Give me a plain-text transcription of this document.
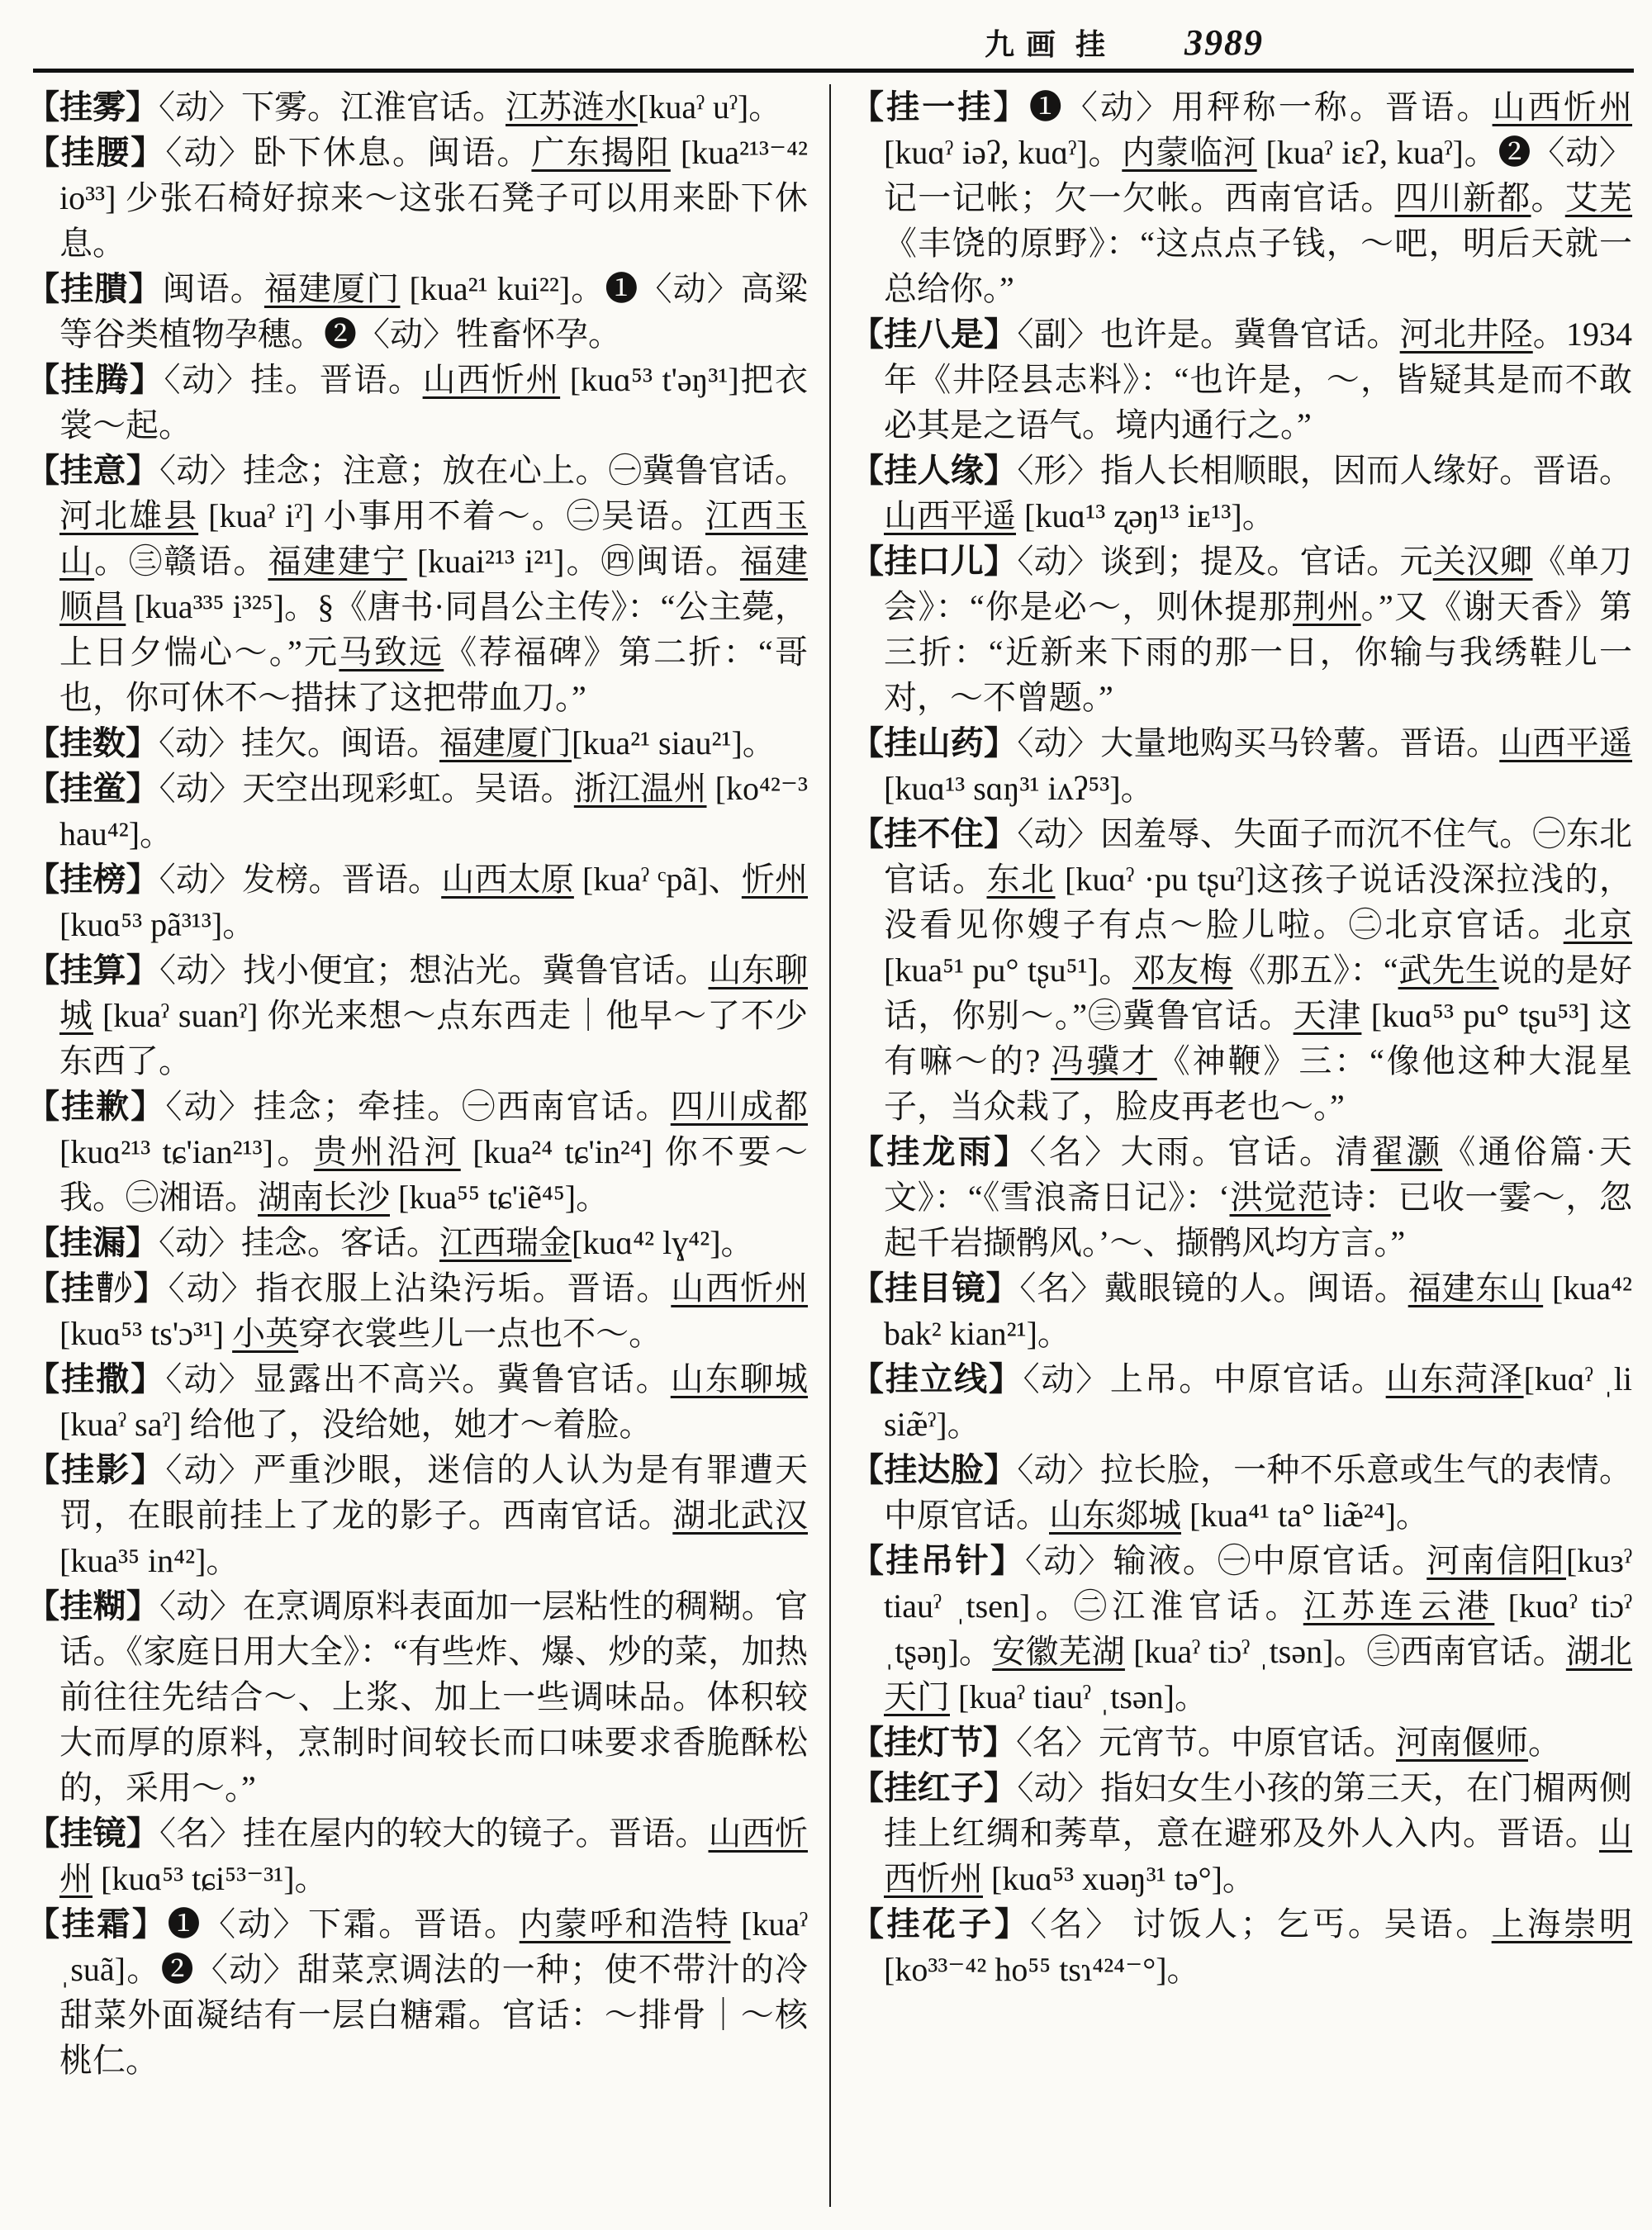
九画 挂 3989
【挂雾】〈动〉下雾。江淮官话。江苏涟水[kuaˀ uˀ]。
【挂腰】〈动〉卧下休息。闽语。广东揭阳 [kua²¹³⁻⁴² io³³] 少张石椅好掠来～这张石凳子可以用来卧下休息。
【挂膭】闽语。福建厦门 [kua²¹ kui²²]。❶〈动〉高粱等谷类植物孕穗。❷〈动〉牲畜怀孕。
【挂腾】〈动〉挂。晋语。山西忻州 [kuɑ⁵³ t'əŋ³¹]把衣裳～起。
【挂意】〈动〉挂念；注意；放在心上。㊀冀鲁官话。河北雄县 [kuaˀ iˀ] 小事用不着～。㊁吴语。江西玉山。㊂赣语。福建建宁 [kuai²¹³ i²¹]。㊃闽语。福建顺昌 [kua³³⁵ i³²⁵]。§《唐书·同昌公主传》：“公主薨，上日夕惴心～。”元马致远《荐福碑》第二折：“哥也，你可休不～措抹了这把带血刀。”
【挂数】〈动〉挂欠。闽语。福建厦门[kua²¹ siau²¹]。
【挂鲎】〈动〉天空出现彩虹。吴语。浙江温州 [ko⁴²⁻³ hau⁴²]。
【挂榜】〈动〉发榜。晋语。山西太原 [kuaˀ ᶜpã]、忻州 [kuɑ⁵³ pã³¹³]。
【挂算】〈动〉找小便宜；想沾光。冀鲁官话。山东聊城 [kuaˀ suanˀ] 你光来想～点东西走｜他早～了不少东西了。
【挂歉】〈动〉挂念；牵挂。㊀西南官话。四川成都[kuɑ²¹³ tɕ'ian²¹³]。贵州沿河 [kua²⁴ tɕ'in²⁴] 你不要～我。㊁湘语。湖南长沙 [kua⁵⁵ tɕ'iẽ⁴⁵]。
【挂漏】〈动〉挂念。客话。江西瑞金[kuɑ⁴² lɣ⁴²]。
【挂曹少】〈动〉指衣服上沾染污垢。晋语。山西忻州[kuɑ⁵³ ts'ɔ³¹] 小英穿衣裳些儿一点也不～。
【挂撒】〈动〉显露出不高兴。冀鲁官话。山东聊城[kuaˀ saˀ] 给他了，没给她，她才～着脸。
【挂影】〈动〉严重沙眼，迷信的人认为是有罪遭天罚，在眼前挂上了龙的影子。西南官话。湖北武汉[kua³⁵ in⁴²]。
【挂糊】〈动〉在烹调原料表面加一层粘性的稠糊。官话。《家庭日用大全》：“有些炸、爆、炒的菜，加热前往往先结合～、上浆、加上一些调味品。体积较大而厚的原料，烹制时间较长而口味要求香脆酥松的，采用～。”
【挂镜】〈名〉挂在屋内的较大的镜子。晋语。山西忻州 [kuɑ⁵³ tɕi⁵³⁻³¹]。
【挂霜】❶〈动〉下霜。晋语。内蒙呼和浩特 [kuaˀ ˌsuã]。❷〈动〉甜菜烹调法的一种；使不带汁的冷甜菜外面凝结有一层白糖霜。官话：～排骨｜～核桃仁。
【挂一挂】❶〈动〉用秤称一称。晋语。山西忻州 [kuɑˀ iəʔ, kuɑˀ]。内蒙临河 [kuaˀ iɛʔ, kuaˀ]。❷〈动〉记一记帐；欠一欠帐。西南官话。四川新都。艾芜《丰饶的原野》：“这点点子钱，～吧，明后天就一总给你。”
【挂八是】〈副〉也许是。冀鲁官话。河北井陉。1934年《井陉县志料》：“也许是，～，皆疑其是而不敢必其是之语气。境内通行之。”
【挂人缘】〈形〉指人长相顺眼，因而人缘好。晋语。山西平遥 [kuɑ¹³ ʐəŋ¹³ iᴇ¹³]。
【挂口儿】〈动〉谈到；提及。官话。元关汉卿《单刀会》：“你是必～，则休提那荆州。”又《谢天香》第三折：“近新来下雨的那一日，你输与我绣鞋儿一对，～不曾题。”
【挂山药】〈动〉大量地购买马铃薯。晋语。山西平遥 [kuɑ¹³ sɑŋ³¹ iʌʔ⁵³]。
【挂不住】〈动〉因羞辱、失面子而沉不住气。㊀东北官话。东北 [kuɑˀ ·pu tʂuˀ]这孩子说话没深拉浅的，没看见你嫂子有点～脸儿啦。㊁北京官话。北京[kua⁵¹ pu° tʂu⁵¹]。邓友梅《那五》：“武先生说的是好话，你别～。”㊂冀鲁官话。天津 [kuɑ⁵³ pu° tʂu⁵³] 这有嘛～的? 冯骥才《神鞭》三：“像他这种大混星子，当众栽了，脸皮再老也～。”
【挂龙雨】〈名〉大雨。官话。清翟灏《通俗篇·天文》：“《雪浪斋日记》：‘洪觉范诗：已收一霎～，忽起千岩撷鹘风。’～、撷鹘风均方言。”
【挂目镜】〈名〉戴眼镜的人。闽语。福建东山 [kua⁴² bak² kian²¹]。
【挂立线】〈动〉上吊。中原官话。山东菏泽[kuɑˀ ˌli siæ̃ˀ]。
【挂达脸】〈动〉拉长脸，一种不乐意或生气的表情。中原官话。山东郯城 [kua⁴¹ ta° liæ̃²⁴]。
【挂吊针】〈动〉输液。㊀中原官话。河南信阳[kuɜˀ tiauˀ ˌtsen]。㊁江淮官话。江苏连云港 [kuɑˀ tiɔˀ ˌtʂəŋ]。安徽芜湖 [kuaˀ tiɔˀ ˌtsən]。㊂西南官话。湖北天门 [kuaˀ tiauˀ ˌtsən]。
【挂灯节】〈名〉元宵节。中原官话。河南偃师。
【挂红子】〈动〉指妇女生小孩的第三天，在门楣两侧挂上红绸和莠草，意在避邪及外人入内。晋语。山西忻州 [kuɑ⁵³ xuəŋ³¹ tə°]。
【挂花子】〈名〉 讨饭人；乞丐。吴语。上海崇明 [ko³³⁻⁴² ho⁵⁵ tsɿ⁴²⁴⁻°]。
